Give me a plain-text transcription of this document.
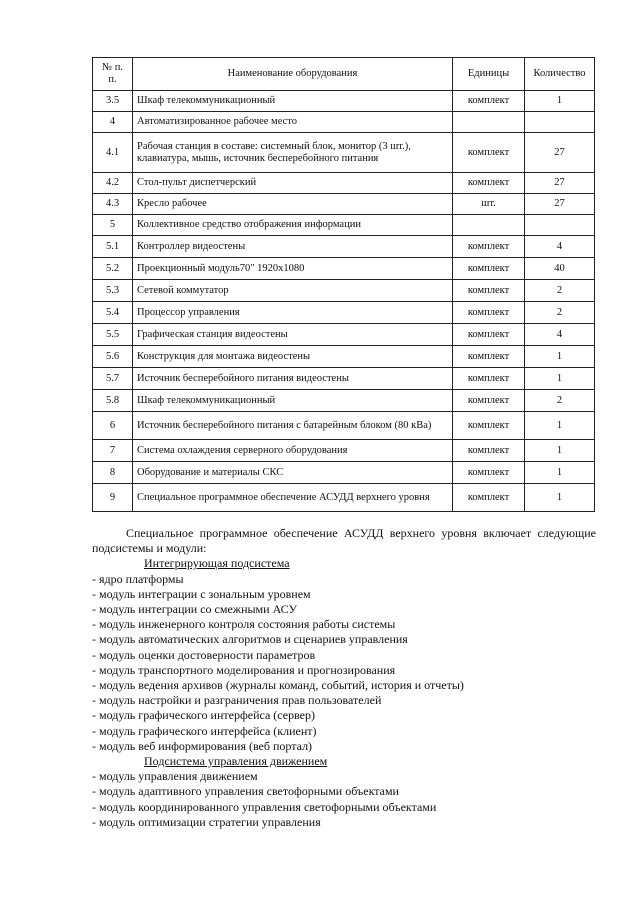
№ п. п.	Наименование оборудования	Единицы	Количество
3.5	Шкаф телекоммуникационный	комплект	1
4	Автоматизированное рабочее место		
4.1	Рабочая станция в составе: системный блок, монитор (3 шт.), клавиатура, мышь, источник бесперебойного питания	комплект	27
4.2	Стол-пульт диспетчерский	комплект	27
4.3	Кресло рабочее	шт.	27
5	Коллективное средство отображения информации		
5.1	Контроллер видеостены	комплект	4
5.2	Проекционный модуль70" 1920х1080	комплект	40
5.3	Сетевой коммутатор	комплект	2
5.4	Процессор управления	комплект	2
5.5	Графическая станция видеостены	комплект	4
5.6	Конструкция для монтажа видеостены	комплект	1
5.7	Источник бесперебойного питания видеостены	комплект	1
5.8	Шкаф телекоммуникационный	комплект	2
6	Источник бесперебойного питания с батарейным блоком (80 кВа)	комплект	1
7	Система охлаждения серверного оборудования	комплект	1
8	Оборудование и материалы СКС	комплект	1
9	Специальное программное обеспечение АСУДД верхнего уровня	комплект	1

Специальное программное обеспечение АСУДД верхнего уровня включает следующие подсистемы и модули:

Интегрирующая подсистема

- ядро платформы

- модуль интеграции с зональным уровнем

- модуль интеграции со смежными АСУ

- модуль инженерного контроля состояния работы системы

- модуль автоматических алгоритмов и сценариев управления

- модуль оценки достоверности параметров

- модуль транспортного моделирования и прогнозирования

- модуль ведения архивов (журналы команд, событий, история и отчеты)

- модуль настройки и разграничения прав пользователей

- модуль графического интерфейса (сервер)

- модуль графического интерфейса (клиент)

- модуль веб информирования (веб портал)

Подсистема управления движением

- модуль управления движением

- модуль адаптивного управления светофорными объектами

- модуль координированного управления светофорными объектами

- модуль оптимизации стратегии управления
